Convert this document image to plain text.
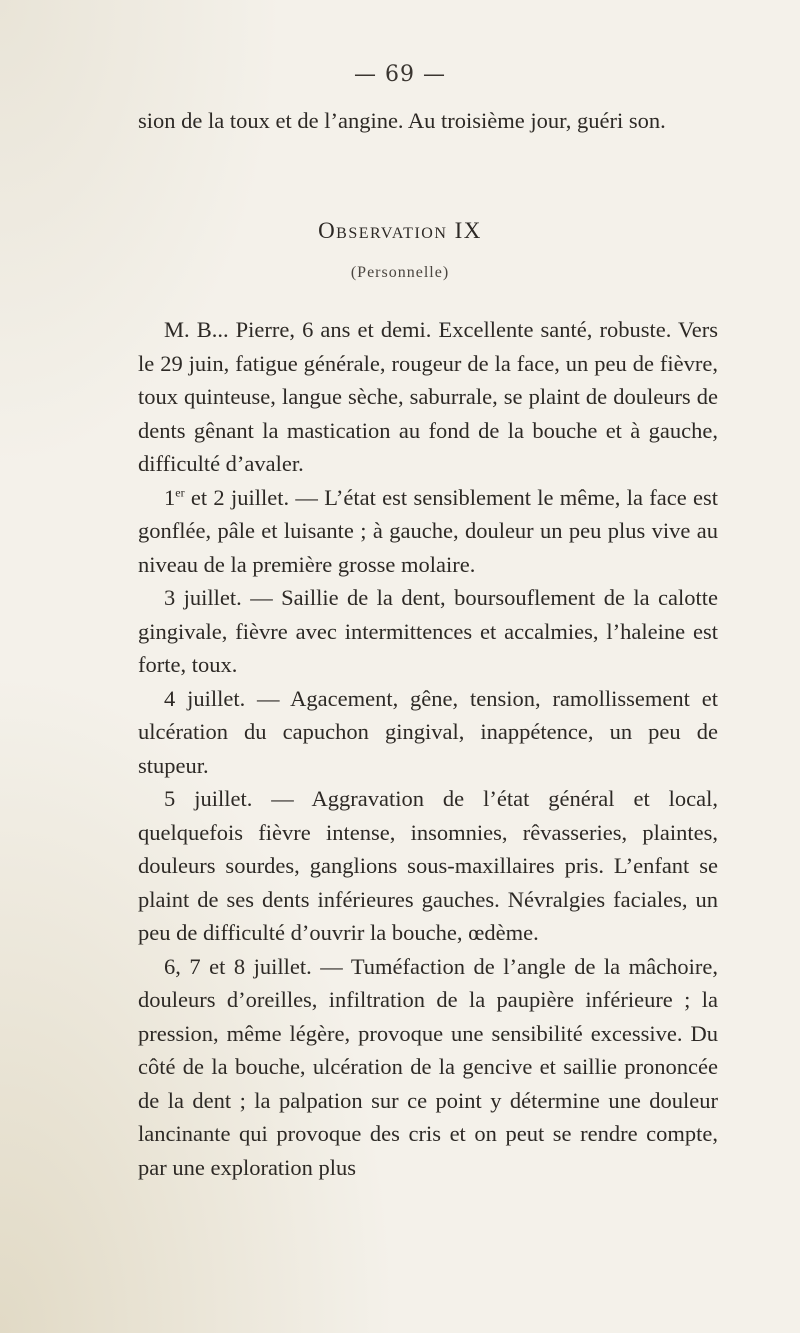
— 69 —
sion de la toux et de l’angine. Au troisième jour, guéri son.
Observation IX
(Personnelle)

M. B... Pierre, 6 ans et demi. Excellente santé, robuste. Vers le 29 juin, fatigue générale, rougeur de la face, un peu de fièvre, toux quinteuse, langue sèche, saburrale, se plaint de douleurs de dents gênant la mastication au fond de la bouche et à gauche, difficulté d’avaler.

1er et 2 juillet. — L’état est sensiblement le même, la face est gonflée, pâle et luisante ; à gauche, douleur un peu plus vive au niveau de la première grosse molaire.

3 juillet. — Saillie de la dent, boursouflement de la calotte gingivale, fièvre avec intermittences et accalmies, l’haleine est forte, toux.

4 juillet. — Agacement, gêne, tension, ramollissement et ulcération du capuchon gingival, inappétence, un peu de stupeur.

5 juillet. — Aggravation de l’état général et local, quelquefois fièvre intense, insomnies, rêvasseries, plaintes, douleurs sourdes, ganglions sous-maxillaires pris. L’enfant se plaint de ses dents inférieures gauches. Névralgies faciales, un peu de difficulté d’ouvrir la bouche, œdème.

6, 7 et 8 juillet. — Tuméfaction de l’angle de la mâchoire, douleurs d’oreilles, infiltration de la paupière inférieure ; la pression, même légère, provoque une sensibilité excessive. Du côté de la bouche, ulcération de la gencive et saillie prononcée de la dent ; la palpation sur ce point y détermine une douleur lancinante qui provoque des cris et on peut se rendre compte, par une exploration plus
